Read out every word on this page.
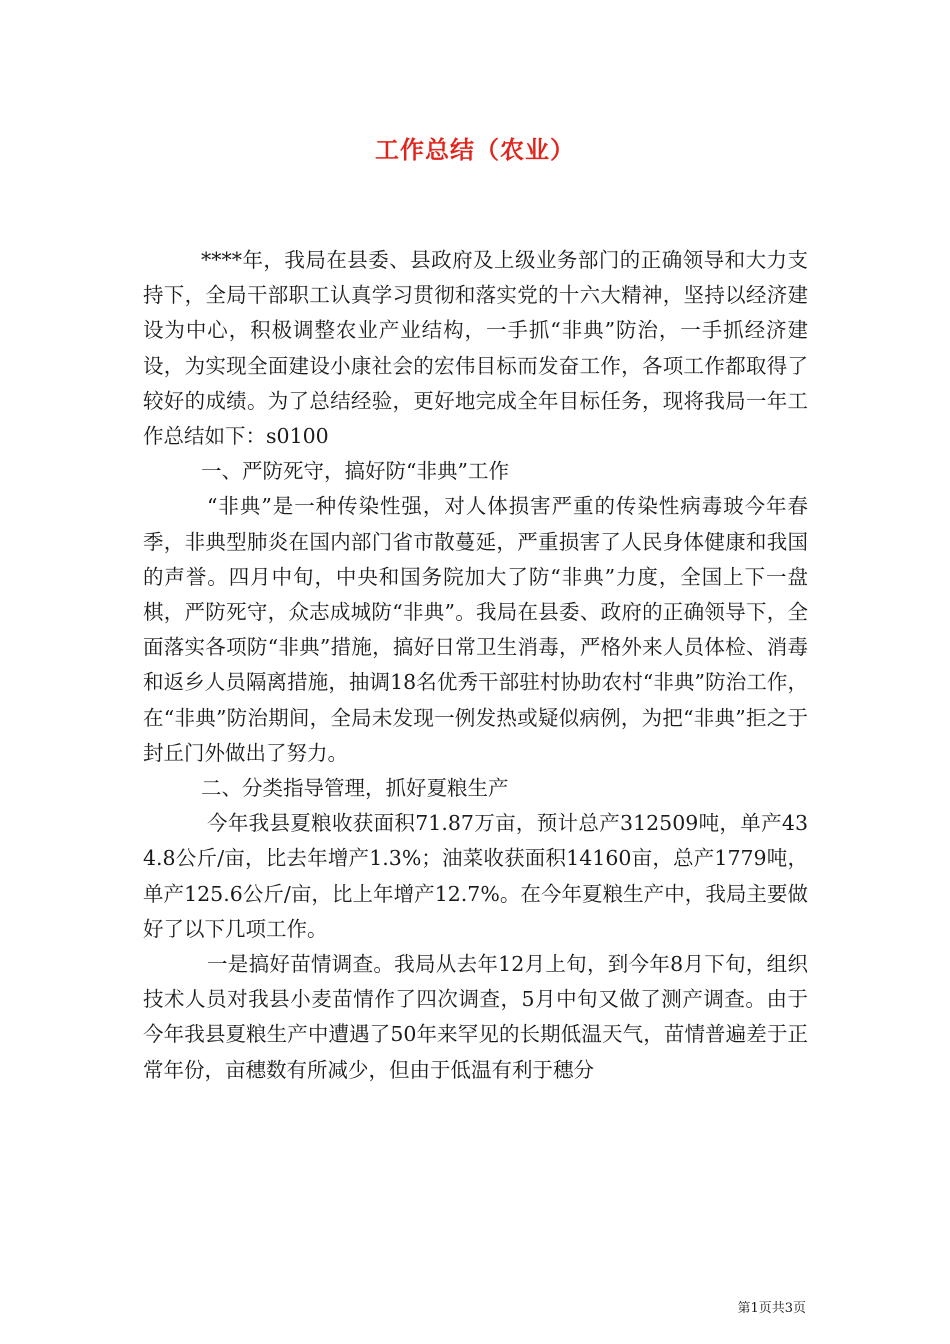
工作总结（农业）

****年，我局在县委、县政府及上级业务部门的正确领导和大力支持下，全局干部职工认真学习贯彻和落实党的十六大精神，坚持以经济建设为中心，积极调整农业产业结构，一手抓“非典”防治，一手抓经济建设，为实现全面建设小康社会的宏伟目标而发奋工作，各项工作都取得了较好的成绩。为了总结经验，更好地完成全年目标任务，现将我局一年工作总结如下：s0100

一、严防死守，搞好防“非典”工作

“非典”是一种传染性强，对人体损害严重的传染性病毒玻今年春季，非典型肺炎在国内部门省市散蔓延，严重损害了人民身体健康和我国的声誉。四月中旬，中央和国务院加大了防“非典”力度，全国上下一盘棋，严防死守，众志成城防“非典”。我局在县委、政府的正确领导下，全面落实各项防“非典”措施，搞好日常卫生消毒，严格外来人员体检、消毒和返乡人员隔离措施，抽调18名优秀干部驻村协助农村“非典”防治工作，在“非典”防治期间，全局未发现一例发热或疑似病例，为把“非典”拒之于封丘门外做出了努力。

二、分类指导管理，抓好夏粮生产

今年我县夏粮收获面积71.87万亩，预计总产312509吨，单产434.8公斤/亩，比去年增产1.3%；油菜收获面积14160亩，总产1779吨，单产125.6公斤/亩，比上年增产12.7%。在今年夏粮生产中，我局主要做好了以下几项工作。

一是搞好苗情调查。我局从去年12月上旬，到今年8月下旬，组织技术人员对我县小麦苗情作了四次调查，5月中旬又做了测产调查。由于今年我县夏粮生产中遭遇了50年来罕见的长期低温天气，苗情普遍差于正常年份，亩穗数有所减少，但由于低温有利于穗分

第1页共3页
